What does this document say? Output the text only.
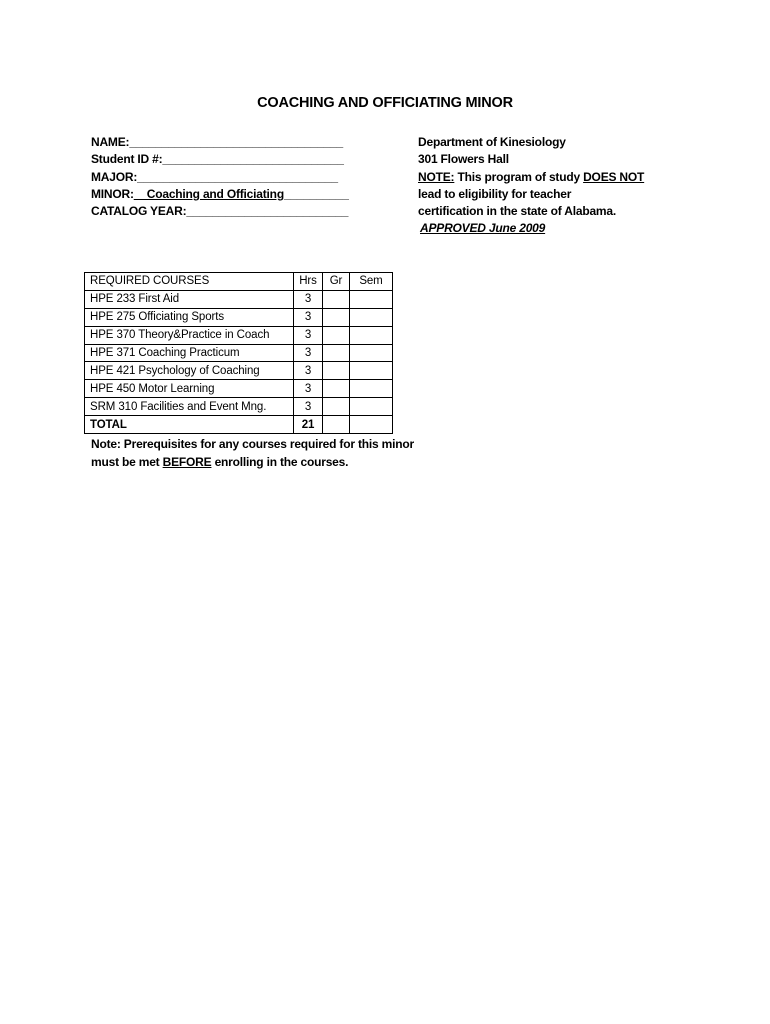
COACHING AND OFFICIATING MINOR
NAME:_________________________________
Student ID #:____________________________
MAJOR:_______________________________
MINOR:__Coaching and Officiating__________
CATALOG YEAR:_________________________
Department of Kinesiology
301 Flowers Hall
NOTE: This program of study DOES NOT
lead to eligibility for teacher
certification in the state of Alabama.
APPROVED June 2009
REQUIRED COURSES	Hrs	Gr	Sem
HPE 233 First Aid	3		
HPE 275 Officiating Sports	3		
HPE 370 Theory&Practice in Coach	3		
HPE 371 Coaching Practicum	3		
HPE 421 Psychology of Coaching	3		
HPE 450 Motor Learning	3		
SRM 310 Facilities and Event Mng.	3		
TOTAL	21		
Note: Prerequisites for any courses required for this minor
must be met BEFORE enrolling in the courses.
